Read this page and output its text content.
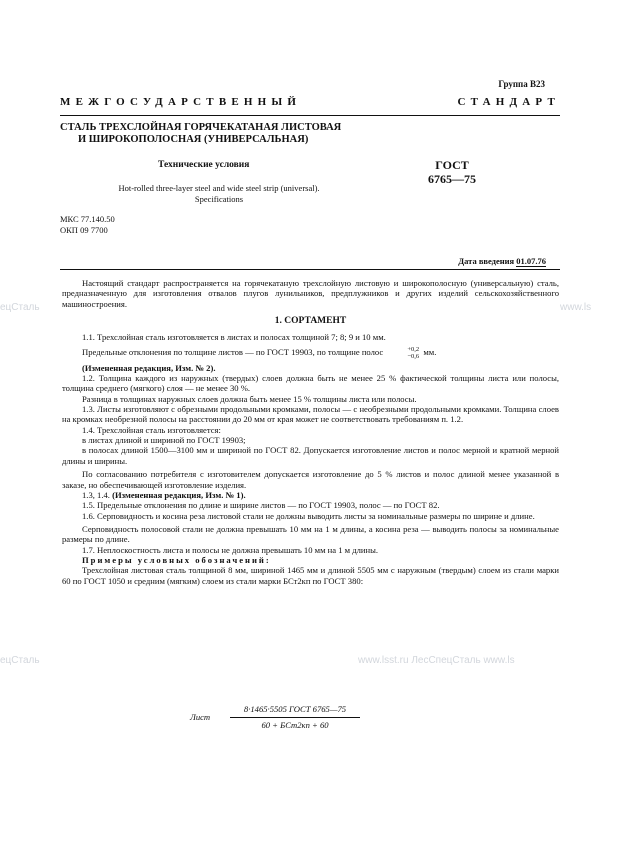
ецСталь	www.ls
ецСталь	www.lsst.ru ЛесСпецСталь www.ls
Группа В23
МЕЖГОСУДАРСТВЕННЫЙ	СТАНДАРТ
СТАЛЬ ТРЕХСЛОЙНАЯ ГОРЯЧЕКАТАНАЯ ЛИСТОВАЯ
И ШИРОКОПОЛОСНАЯ (УНИВЕРСАЛЬНАЯ)
Технические условия
Hot-rolled three-layer steel and wide steel strip (universal).
Specifications
ГОСТ
6765—75
МКС 77.140.50
ОКП 09 7700
Дата введения 01.07.76

Настоящий стандарт распространяется на горячекатаную трехслойную листовую и широкополосную (универсальную) сталь, предназначенную для изготовления отвалов плугов лунильников, предплужников и других изделий сельскохозяйственного машиностроения.

1. СОРТАМЕНТ

1.1. Трехслойная сталь изготовляется в листах и полосах толщиной 7; 8; 9 и 10 мм.

Предельные отклонения по толщине листов — по ГОСТ 19903, по толщине полос	+0,2
−0,6 мм.

(Измененная редакция, Изм. № 2).

1.2. Толщина каждого из наружных (твердых) слоев должна быть не менее 25 % фактической толщины листа или полосы, толщина среднего (мягкого) слоя — не менее 30 %.

Разница в толщинах наружных слоев должна быть менее 15 % толщины листа или полосы.

1.3. Листы изготовляют с обрезными продольными кромками, полосы — с необрезными продольными кромками. Толщина слоев на кромках необрезной полосы на расстоянии до 20 мм от края может не соответствовать требованиям п. 1.2.

1.4. Трехслойная сталь изготовляется:

в листах длиной и шириной по ГОСТ 19903;

в полосах длиной 1500—3100 мм и шириной по ГОСТ 82. Допускается изготовление листов и полос мерной и кратной мерной длины и ширины.

По согласованию потребителя с изготовителем допускается изготовление до 5 % листов и полос длиной менее указанной в заказе, но обеспечивающей изготовление изделия.

1.3, 1.4. (Измененная редакция, Изм. № 1).

1.5. Предельные отклонения по длине и ширине листов — по ГОСТ 19903, полос — по ГОСТ 82.

1.6. Серповидность и косина реза листовой стали не должны выводить листы за номинальные размеры по ширине и длине.

Серповидность полосовой стали не должна превышать 10 мм на 1 м длины, а косина реза — выводить полосы за номинальные размеры по длине.

1.7. Неплоскостность листа и полосы не должна превышать 10 мм на 1 м длины.

Примеры условных обозначений:

Трехслойная листовая сталь толщиной 8 мм, шириной 1465 мм и длиной 5505 мм с наружным (твердым) слоем из стали марки 60 по ГОСТ 1050 и средним (мягким) слоем из стали марки БСт2кп по ГОСТ 380:

Лист
8·1465·5505 ГОСТ 6765—75
60 + БСт2кп + 60
